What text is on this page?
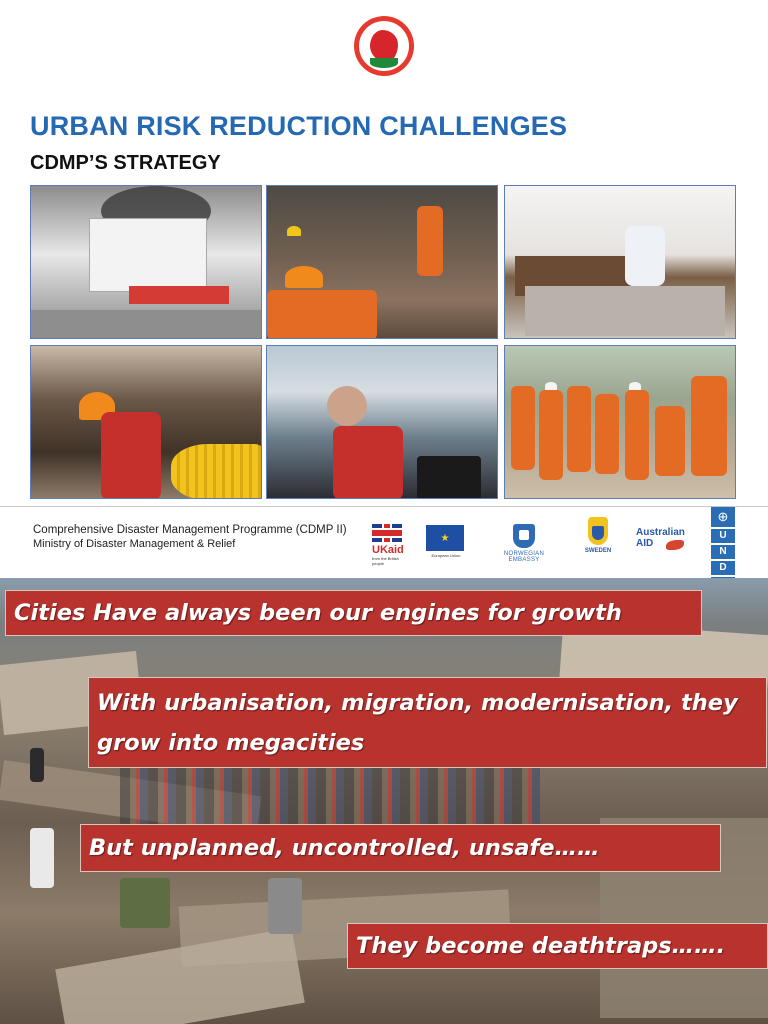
URBAN RISK REDUCTION CHALLENGES
CDMP’S STRATEGY
Comprehensive Disaster Management Programme (CDMP II)
Ministry of Disaster Management & Relief	UKaid
from the British people
★
European Union	NORWEGIAN EMBASSY
SWEDEN
Australian
AID
⊕
U
N
D
Cities Have always been our engines for growth
With urbanisation, migration, modernisation, they grow into megacities
But unplanned, uncontrolled, unsafe……
They become deathtraps…….
